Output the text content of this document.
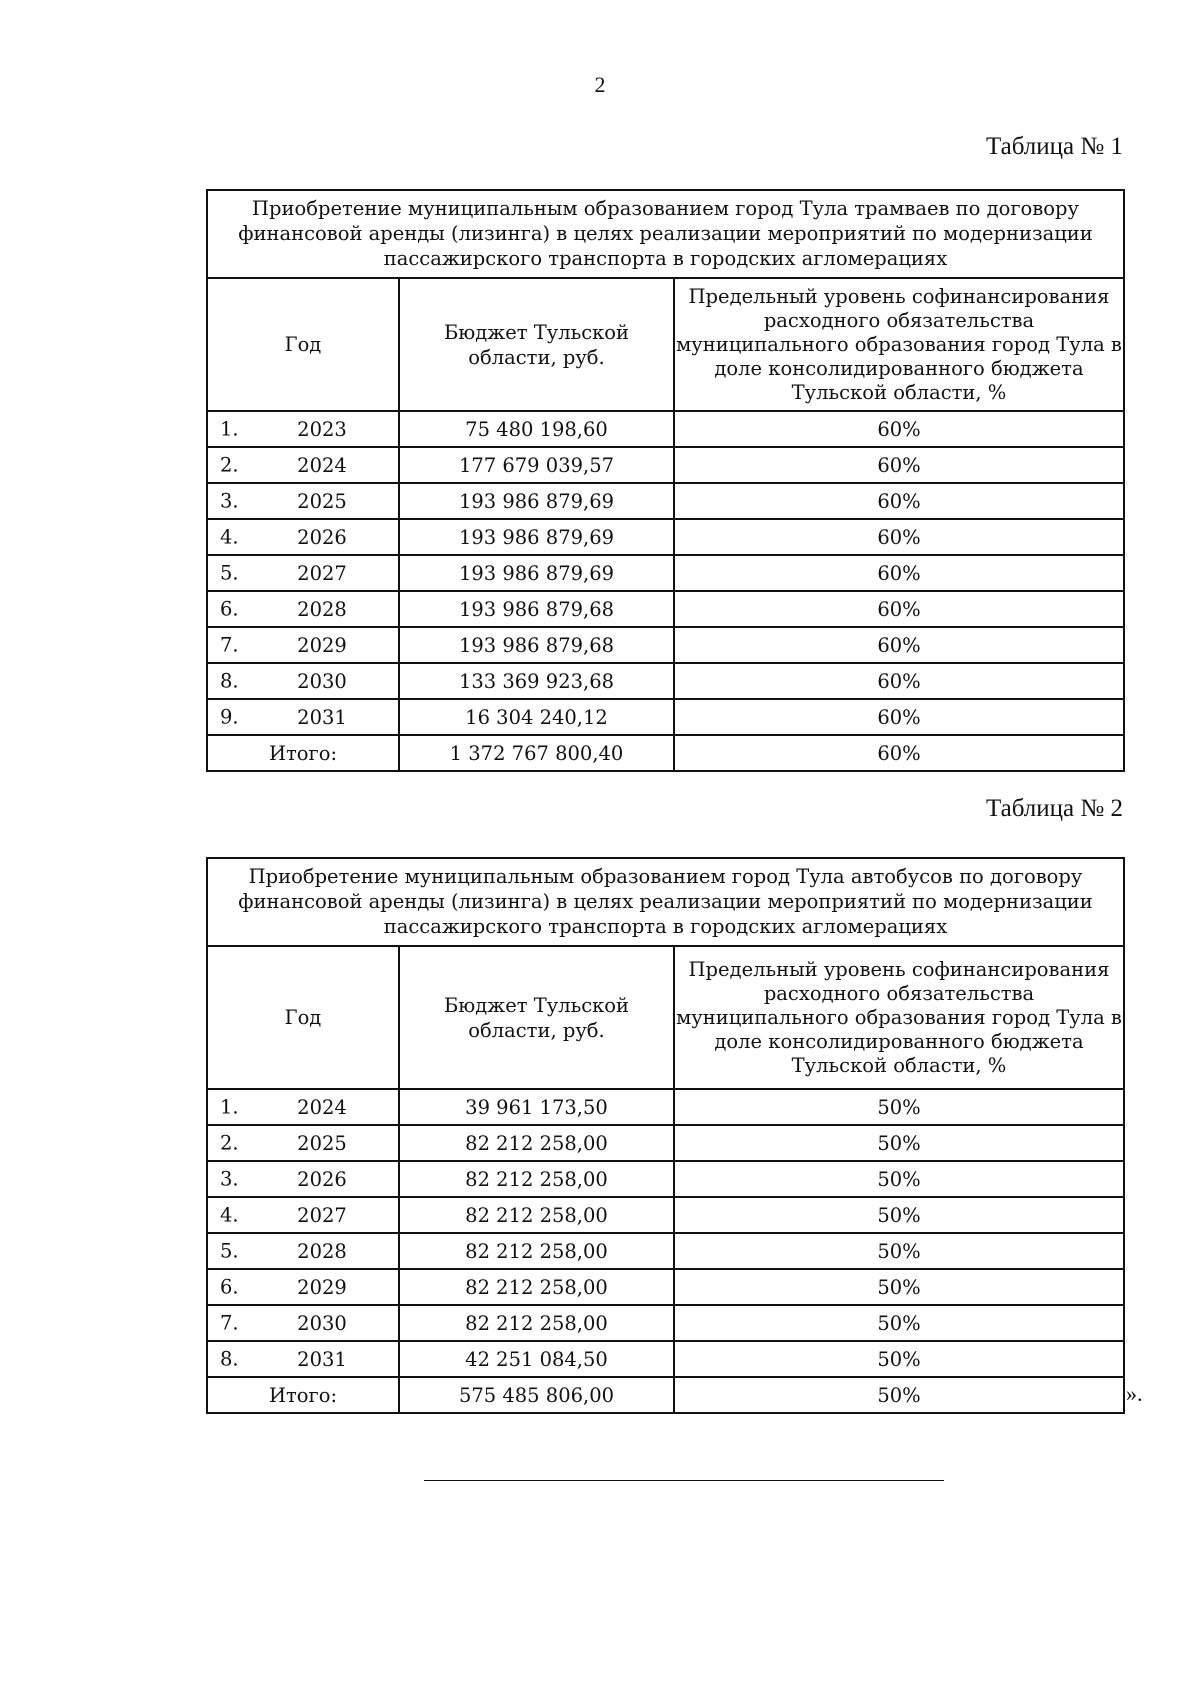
2
Таблица № 1
Приобретение муниципальным образованием город Тула трамваев по договору финансовой аренды (лизинга) в целях реализации мероприятий по модернизации пассажирского транспорта в городских агломерациях		
Год	Бюджет Тульской области, руб.	Предельный уровень софинансирования расходного обязательства муниципального образования город Тула в доле консолидированного бюджета Тульской области, %

1. 2023	75 480 198,60	60%

2. 2024	177 679 039,57	60%

3. 2025	193 986 879,69	60%

4. 2026	193 986 879,69	60%

5. 2027	193 986 879,69	60%

6. 2028	193 986 879,68	60%

7. 2029	193 986 879,68	60%

8. 2030	133 369 923,68	60%

9. 2031	16 304 240,12	60%
Итого:	1 372 767 800,40	60%
Таблица № 2
Приобретение муниципальным образованием город Тула автобусов по договору финансовой аренды (лизинга) в целях реализации мероприятий по модернизации пассажирского транспорта в городских агломерациях		
Год	Бюджет Тульской области, руб.	Предельный уровень софинансирования расходного обязательства муниципального образования город Тула в доле консолидированного бюджета Тульской области, %

1. 2024	39 961 173,50	50%

2. 2025	82 212 258,00	50%

3. 2026	82 212 258,00	50%

4. 2027	82 212 258,00	50%

5. 2028	82 212 258,00	50%

6. 2029	82 212 258,00	50%

7. 2030	82 212 258,00	50%

8. 2031	42 251 084,50	50%
Итого:	575 485 806,00	50%	».
